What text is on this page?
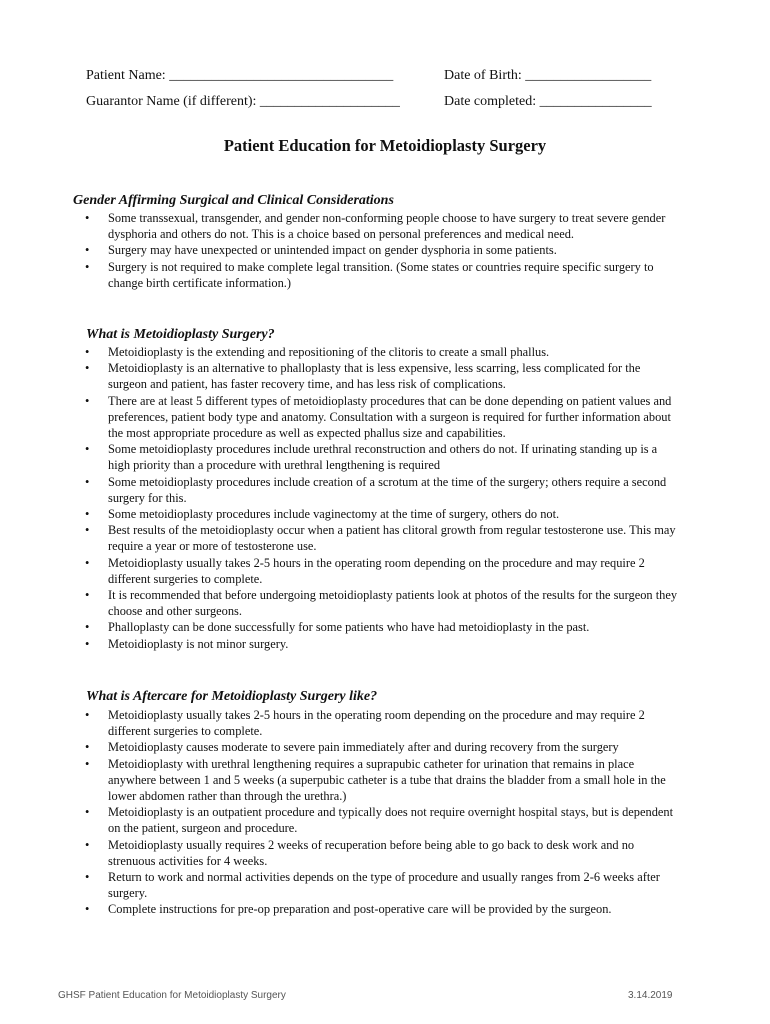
Patient Name: ________________________________	Date of Birth: __________________
Guarantor Name (if different): ____________________	Date completed: ________________
Patient Education for Metoidioplasty Surgery
Gender Affirming Surgical and Clinical Considerations
• Some transsexual, transgender, and gender non-conforming people choose to have surgery to treat severe gender dysphoria and others do not. This is a choice based on personal preferences and medical need.
• Surgery may have unexpected or unintended impact on gender dysphoria in some patients.
• Surgery is not required to make complete legal transition. (Some states or countries require specific surgery to change birth certificate information.)
What is Metoidioplasty Surgery?
• Metoidioplasty is the extending and repositioning of the clitoris to create a small phallus.
• Metoidioplasty is an alternative to phalloplasty that is less expensive, less scarring, less complicated for the surgeon and patient, has faster recovery time, and has less risk of complications.
• There are at least 5 different types of metoidioplasty procedures that can be done depending on patient values and preferences, patient body type and anatomy. Consultation with a surgeon is required for further information about the most appropriate procedure as well as expected phallus size and capabilities.
• Some metoidioplasty procedures include urethral reconstruction and others do not. If urinating standing up is a high priority than a procedure with urethral lengthening is required
• Some metoidioplasty procedures include creation of a scrotum at the time of the surgery; others require a second surgery for this.
• Some metoidioplasty procedures include vaginectomy at the time of surgery, others do not.
• Best results of the metoidioplasty occur when a patient has clitoral growth from regular testosterone use. This may require a year or more of testosterone use.
• Metoidioplasty usually takes 2-5 hours in the operating room depending on the procedure and may require 2 different surgeries to complete.
• It is recommended that before undergoing metoidioplasty patients look at photos of the results for the surgeon they choose and other surgeons.
• Phalloplasty can be done successfully for some patients who have had metoidioplasty in the past.
• Metoidioplasty is not minor surgery.
What is Aftercare for Metoidioplasty Surgery like?
• Metoidioplasty usually takes 2-5 hours in the operating room depending on the procedure and may require 2 different surgeries to complete.
• Metoidioplasty causes moderate to severe pain immediately after and during recovery from the surgery
• Metoidioplasty with urethral lengthening requires a suprapubic catheter for urination that remains in place anywhere between 1 and 5 weeks (a superpubic catheter is a tube that drains the bladder from a small hole in the lower abdomen rather than through the urethra.)
• Metoidioplasty is an outpatient procedure and typically does not require overnight hospital stays, but is dependent on the patient, surgeon and procedure.
• Metoidioplasty usually requires 2 weeks of recuperation before being able to go back to desk work and no strenuous activities for 4 weeks.
• Return to work and normal activities depends on the type of procedure and usually ranges from 2-6 weeks after surgery.
• Complete instructions for pre-op preparation and post-operative care will be provided by the surgeon.
GHSF Patient Education for Metoidioplasty Surgery	3.14.2019
